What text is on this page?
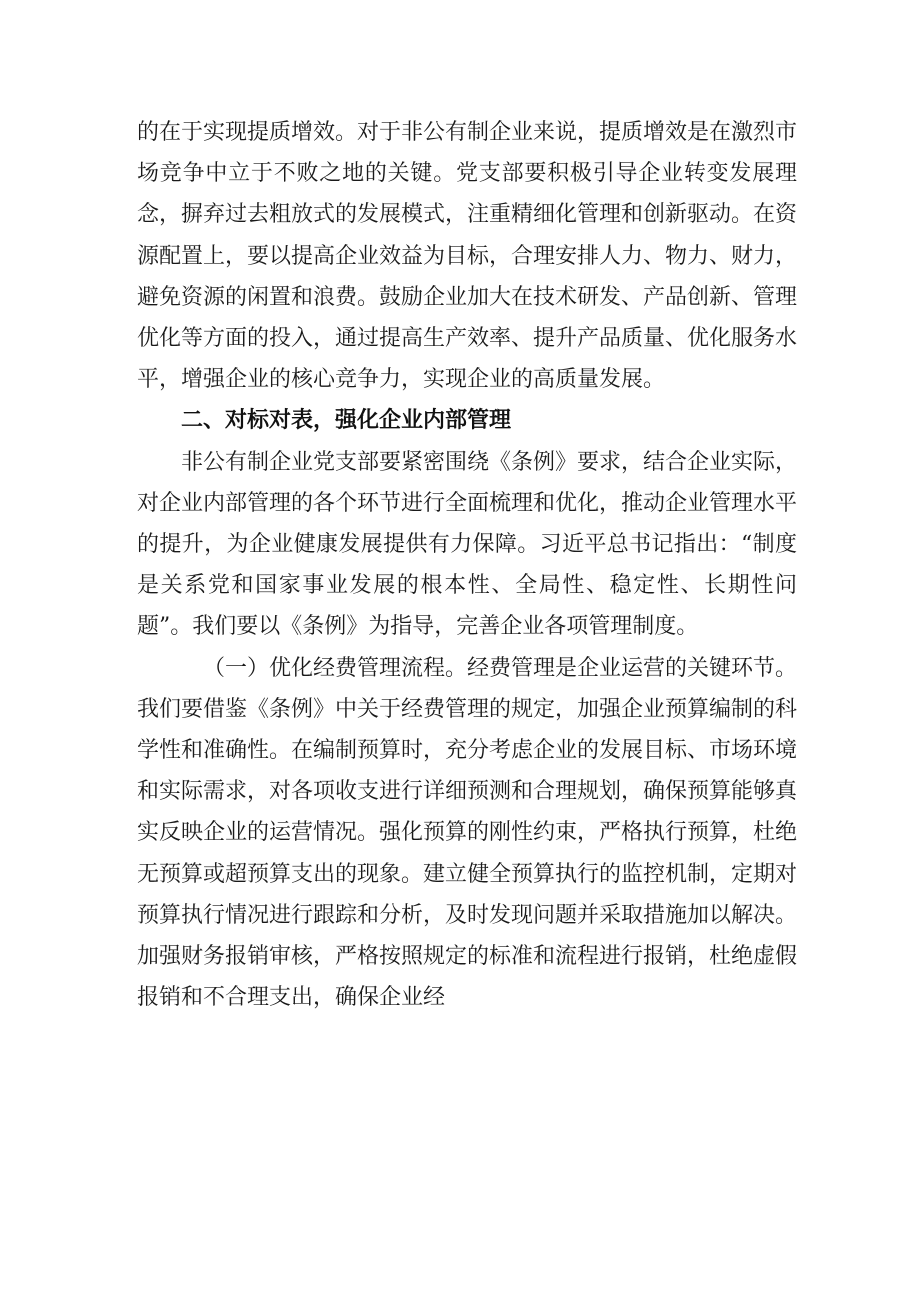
的在于实现提质增效。对于非公有制企业来说，提质增效是在激烈市场竞争中立于不败之地的关键。党支部要积极引导企业转变发展理念，摒弃过去粗放式的发展模式，注重精细化管理和创新驱动。在资源配置上，要以提高企业效益为目标，合理安排人力、物力、财力，避免资源的闲置和浪费。鼓励企业加大在技术研发、产品创新、管理优化等方面的投入，通过提高生产效率、提升产品质量、优化服务水平，增强企业的核心竞争力，实现企业的高质量发展。

二、对标对表，强化企业内部管理

非公有制企业党支部要紧密围绕《条例》要求，结合企业实际，对企业内部管理的各个环节进行全面梳理和优化，推动企业管理水平的提升，为企业健康发展提供有力保障。习近平总书记指出：“制度是关系党和国家事业发展的根本性、全局性、稳定性、长期性问题”。我们要以《条例》为指导，完善企业各项管理制度。

（一）优化经费管理流程。经费管理是企业运营的关键环节。我们要借鉴《条例》中关于经费管理的规定，加强企业预算编制的科学性和准确性。在编制预算时，充分考虑企业的发展目标、市场环境和实际需求，对各项收支进行详细预测和合理规划，确保预算能够真实反映企业的运营情况。强化预算的刚性约束，严格执行预算，杜绝无预算或超预算支出的现象。建立健全预算执行的监控机制，定期对预算执行情况进行跟踪和分析，及时发现问题并采取措施加以解决。加强财务报销审核，严格按照规定的标准和流程进行报销，杜绝虚假报销和不合理支出，确保企业经
